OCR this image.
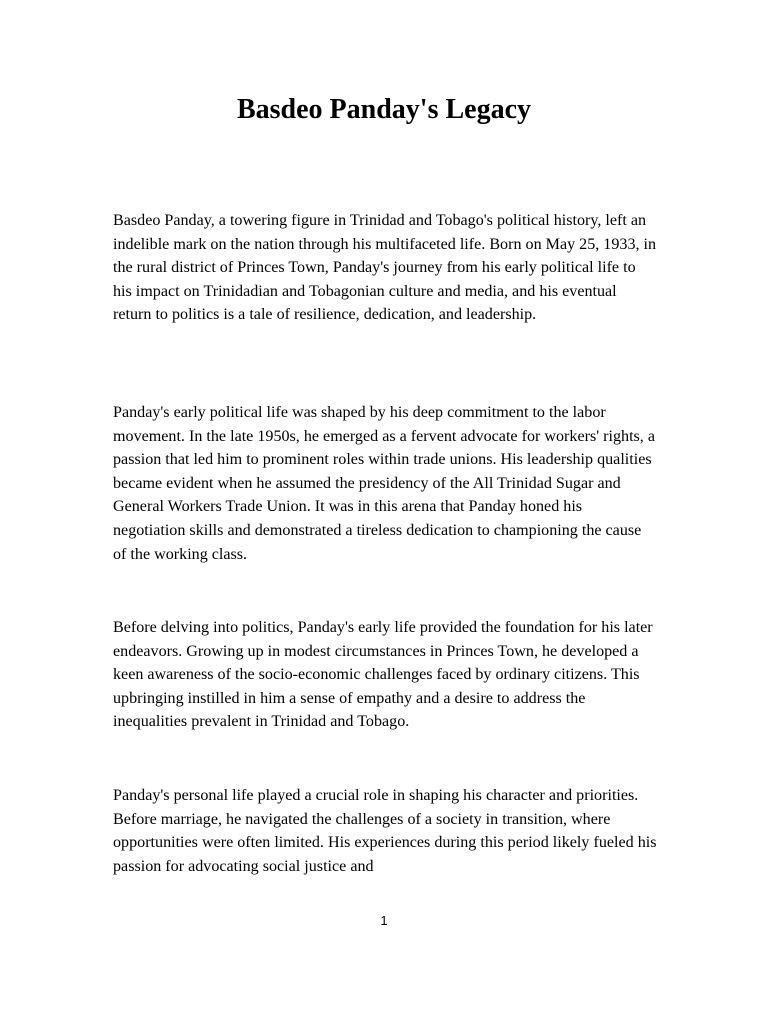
Basdeo Panday's Legacy

Basdeo Panday, a towering figure in Trinidad and Tobago's political history, left an indelible mark on the nation through his multifaceted life. Born on May 25, 1933, in the rural district of Princes Town, Panday's journey from his early political life to his impact on Trinidadian and Tobagonian culture and media, and his eventual return to politics is a tale of resilience, dedication, and leadership.

Panday's early political life was shaped by his deep commitment to the labor movement. In the late 1950s, he emerged as a fervent advocate for workers' rights, a passion that led him to prominent roles within trade unions. His leadership qualities became evident when he assumed the presidency of the All Trinidad Sugar and General Workers Trade Union. It was in this arena that Panday honed his negotiation skills and demonstrated a tireless dedication to championing the cause of the working class.

Before delving into politics, Panday's early life provided the foundation for his later endeavors. Growing up in modest circumstances in Princes Town, he developed a keen awareness of the socio-economic challenges faced by ordinary citizens. This upbringing instilled in him a sense of empathy and a desire to address the inequalities prevalent in Trinidad and Tobago.

Panday's personal life played a crucial role in shaping his character and priorities. Before marriage, he navigated the challenges of a society in transition, where opportunities were often limited. His experiences during this period likely fueled his passion for advocating social justice and

1
